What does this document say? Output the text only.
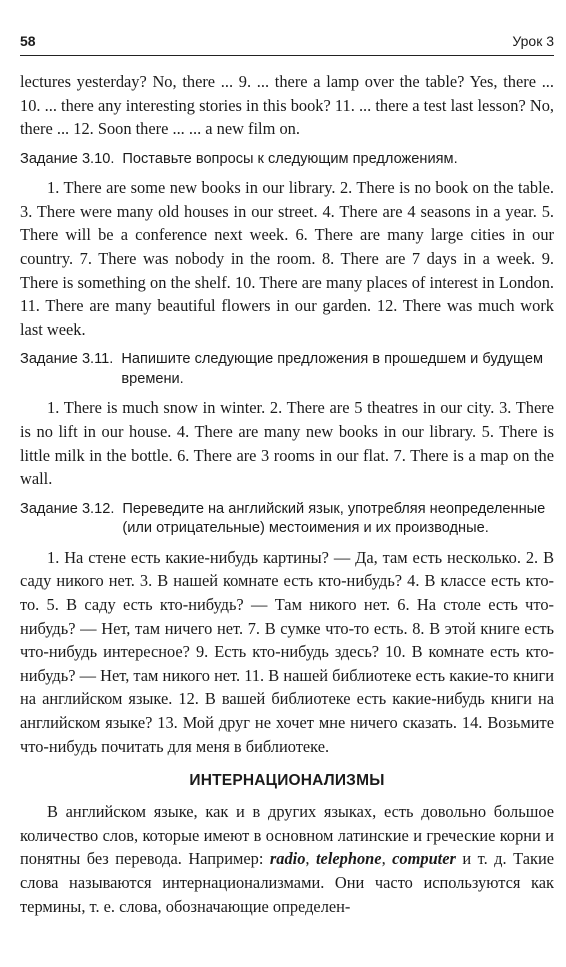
58	Урок 3

lectures yesterday? No, there ... 9. ... there a lamp over the table? Yes, there ... 10. ... there any interesting stories in this book? 11. ... there a test last lesson? No, there ... 12. Soon there ... ... a new film on.

Задание 3.10. Поставьте вопросы к следующим предложениям.

1. There are some new books in our library. 2. There is no book on the table. 3. There were many old houses in our street. 4. There are 4 seasons in a year. 5. There will be a conference next week. 6. There are many large cities in our country. 7. There was nobody in the room. 8. There are 7 days in a week. 9. There is something on the shelf. 10. There are many places of interest in London. 11. There are many beautiful flowers in our garden. 12. There was much work last week.

Задание 3.11. Напишите следующие предложения в прошедшем и будущем времени.

1. There is much snow in winter. 2. There are 5 theatres in our city. 3. There is no lift in our house. 4. There are many new books in our library. 5. There is little milk in the bottle. 6. There are 3 rooms in our flat. 7. There is a map on the wall.

Задание 3.12. Переведите на английский язык, употребляя неопределенные (или отрицательные) местоимения и их производные.

1. На стене есть какие-нибудь картины? — Да, там есть несколько. 2. В саду никого нет. 3. В нашей комнате есть кто-нибудь? 4. В классе есть кто-то. 5. В саду есть кто-нибудь? — Там никого нет. 6. На столе есть что-нибудь? — Нет, там ничего нет. 7. В сумке что-то есть. 8. В этой книге есть что-нибудь интересное? 9. Есть кто-нибудь здесь? 10. В комнате есть кто-нибудь? — Нет, там никого нет. 11. В нашей библиотеке есть какие-то книги на английском языке. 12. В вашей библиотеке есть какие-нибудь книги на английском языке? 13. Мой друг не хочет мне ничего сказать. 14. Возьмите что-нибудь почитать для меня в библиотеке.

ИНТЕРНАЦИОНАЛИЗМЫ

В английском языке, как и в других языках, есть довольно большое количество слов, которые имеют в основном латинские и греческие корни и понятны без перевода. Например: radio, telephone, computer и т. д. Такие слова называются интернационализмами. Они часто используются как термины, т. е. слова, обозначающие определен-
